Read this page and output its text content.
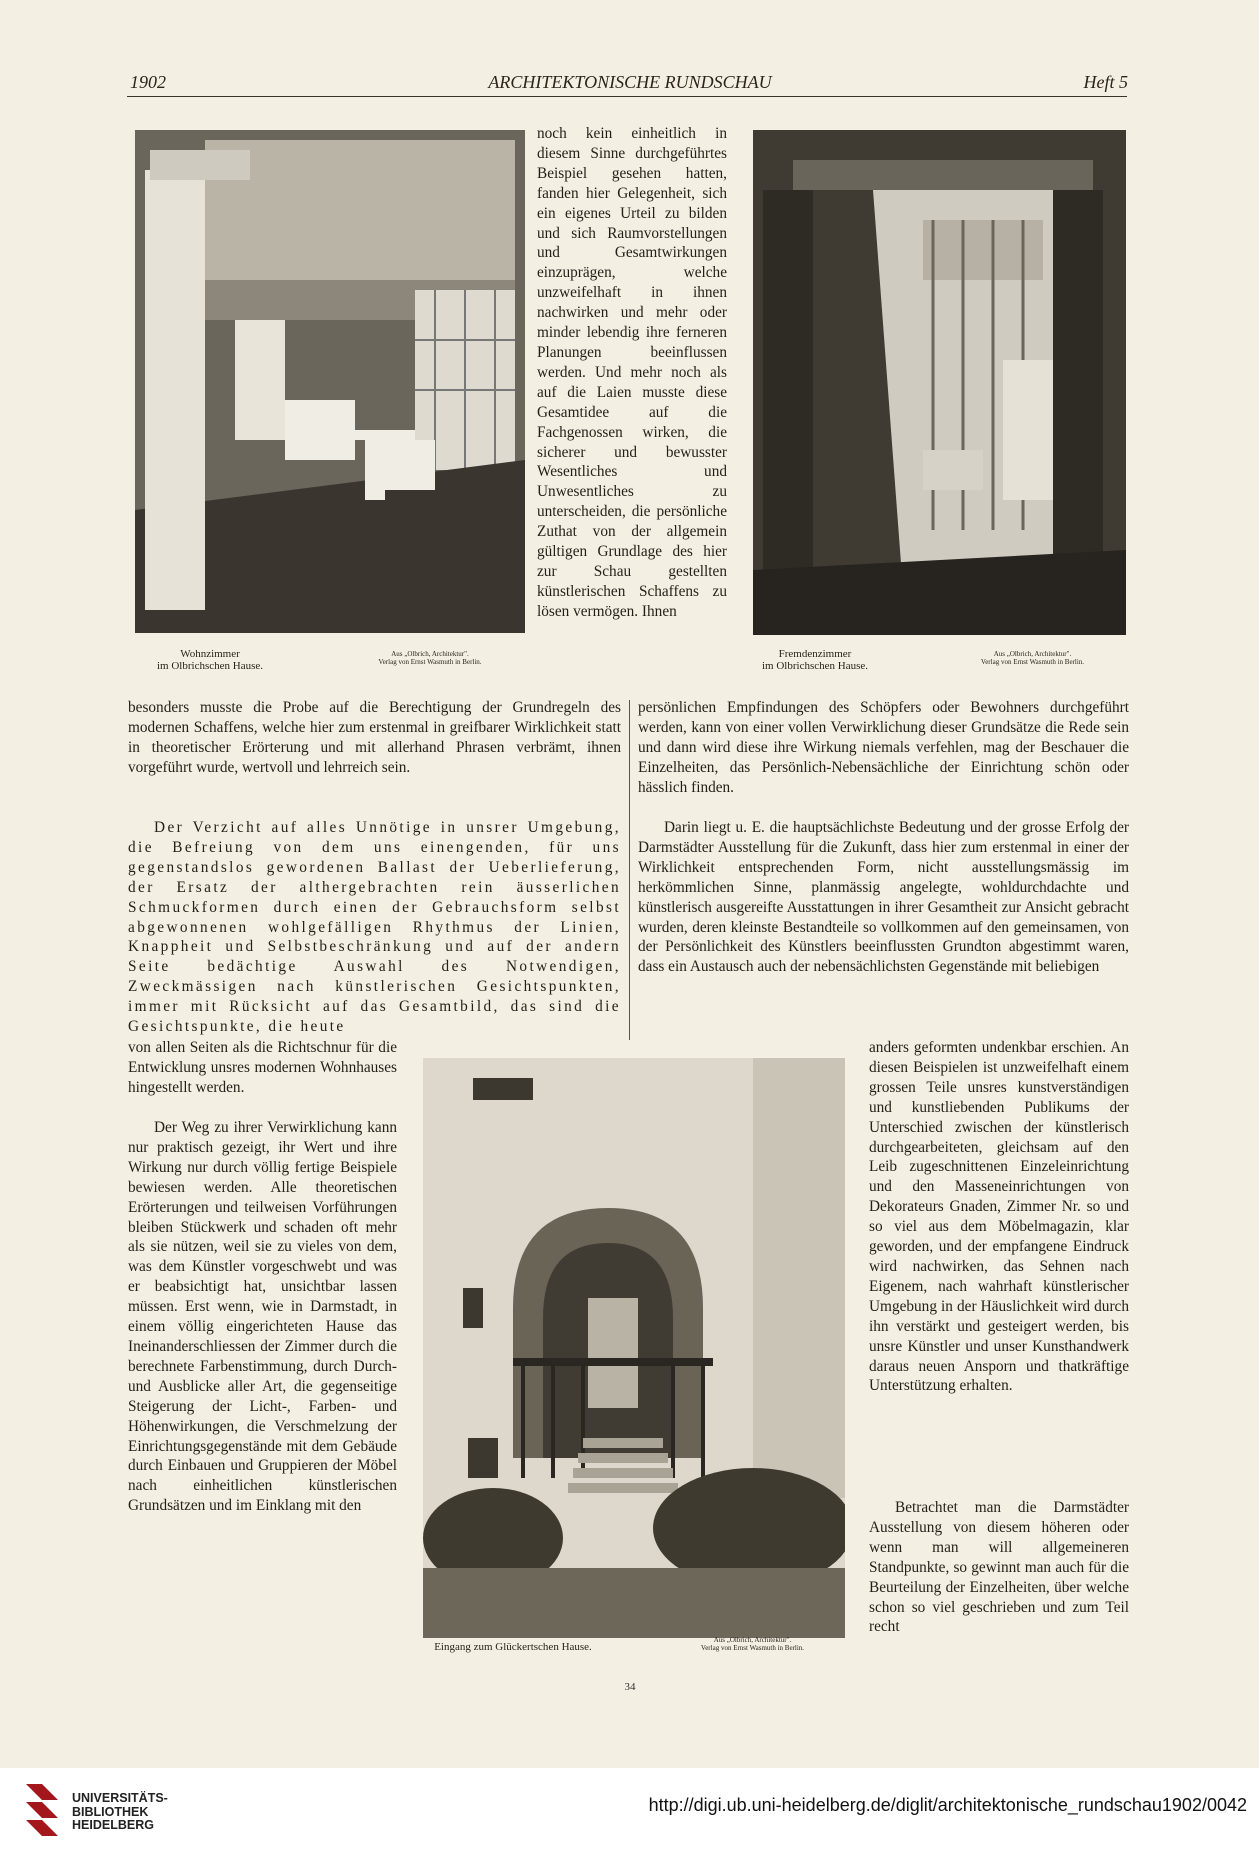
1902	ARCHITEKTONISCHE RUNDSCHAU	Heft 5
Wohnzimmer
im Olbrichschen Hause.
Aus „Olbrich, Architektur".
Verlag von Ernst Wasmuth in Berlin.
Fremdenzimmer
im Olbrichschen Hause.
Aus „Olbrich, Architektur".
Verlag von Ernst Wasmuth in Berlin.

noch kein einheitlich in diesem Sinne durchgeführtes Beispiel gesehen hatten, fanden hier Gelegenheit, sich ein eigenes Urteil zu bilden und sich Raumvorstellungen und Gesamtwirkungen einzuprägen, welche unzweifelhaft in ihnen nachwirken und mehr oder minder lebendig ihre ferneren Planungen beeinflussen werden. Und mehr noch als auf die Laien musste diese Gesamtidee auf die Fachgenossen wirken, die sicherer und bewusster Wesentliches und Unwesentliches zu unterscheiden, die persönliche Zuthat von der allgemein gültigen Grundlage des hier zur Schau gestellten künstlerischen Schaffens zu lösen vermögen. Ihnen

besonders musste die Probe auf die Berechtigung der Grundregeln des modernen Schaffens, welche hier zum erstenmal in greifbarer Wirklichkeit statt in theoretischer Erörterung und mit allerhand Phrasen verbrämt, ihnen vorgeführt wurde, wertvoll und lehrreich sein.

Der Verzicht auf alles Unnötige in unsrer Umgebung, die Befreiung von dem uns einengenden, für uns gegenstandslos gewordenen Ballast der Ueberlieferung, der Ersatz der althergebrachten rein äusserlichen Schmuckformen durch einen der Gebrauchsform selbst abgewonnenen wohlgefälligen Rhythmus der Linien, Knappheit und Selbstbeschränkung und auf der andern Seite bedächtige Auswahl des Notwendigen, Zweckmässigen nach künstlerischen Gesichtspunkten, immer mit Rücksicht auf das Gesamtbild, das sind die Gesichtspunkte, die heute

von allen Seiten als die Richtschnur für die Entwicklung unsres modernen Wohnhauses hingestellt werden.

Der Weg zu ihrer Verwirklichung kann nur praktisch gezeigt, ihr Wert und ihre Wirkung nur durch völlig fertige Beispiele bewiesen werden. Alle theoretischen Erörterungen und teilweisen Vorführungen bleiben Stückwerk und schaden oft mehr als sie nützen, weil sie zu vieles von dem, was dem Künstler vorgeschwebt und was er beabsichtigt hat, unsichtbar lassen müssen. Erst wenn, wie in Darmstadt, in einem völlig eingerichteten Hause das Ineinanderschliessen der Zimmer durch die berechnete Farbenstimmung, durch Durch- und Ausblicke aller Art, die gegenseitige Steigerung der Licht-, Farben- und Höhenwirkungen, die Verschmelzung der Einrichtungsgegenstände mit dem Gebäude durch Einbauen und Gruppieren der Möbel nach einheitlichen künstlerischen Grundsätzen und im Einklang mit den

persönlichen Empfindungen des Schöpfers oder Bewohners durchgeführt werden, kann von einer vollen Verwirklichung dieser Grundsätze die Rede sein und dann wird diese ihre Wirkung niemals verfehlen, mag der Beschauer die Einzelheiten, das Persönlich-Nebensächliche der Einrichtung schön oder hässlich finden.

Darin liegt u. E. die hauptsächlichste Bedeutung und der grosse Erfolg der Darmstädter Ausstellung für die Zukunft, dass hier zum erstenmal in einer der Wirklichkeit entsprechenden Form, nicht ausstellungsmässig im herkömmlichen Sinne, planmässig angelegte, wohldurchdachte und künstlerisch ausgereifte Ausstattungen in ihrer Gesamtheit zur Ansicht gebracht wurden, deren kleinste Bestandteile so vollkommen auf den gemeinsamen, von der Persönlichkeit des Künstlers beeinflussten Grundton abgestimmt waren, dass ein Austausch auch der nebensächlichsten Gegenstände mit beliebigen

anders geformten undenkbar erschien. An diesen Beispielen ist unzweifelhaft einem grossen Teile unsres kunstverständigen und kunstliebenden Publikums der Unterschied zwischen der künstlerisch durchgearbeiteten, gleichsam auf den Leib zugeschnittenen Einzeleinrichtung und den Masseneinrichtungen von Dekorateurs Gnaden, Zimmer Nr. so und so viel aus dem Möbelmagazin, klar geworden, und der empfangene Eindruck wird nachwirken, das Sehnen nach Eigenem, nach wahrhaft künstlerischer Umgebung in der Häuslichkeit wird durch ihn verstärkt und gesteigert werden, bis unsre Künstler und unser Kunsthandwerk daraus neuen Ansporn und thatkräftige Unterstützung erhalten.

Betrachtet man die Darmstädter Ausstellung von diesem höheren oder wenn man will allgemeineren Standpunkte, so gewinnt man auch für die Beurteilung der Einzelheiten, über welche schon so viel geschrieben und zum Teil recht

Eingang zum Glückertschen Hause.
Aus „Olbrich, Architektur".
Verlag von Ernst Wasmuth in Berlin.
34
UNIVERSITÄTS-
BIBLIOTHEK
HEIDELBERG
http://digi.ub.uni-heidelberg.de/diglit/architektonische_rundschau1902/0042
